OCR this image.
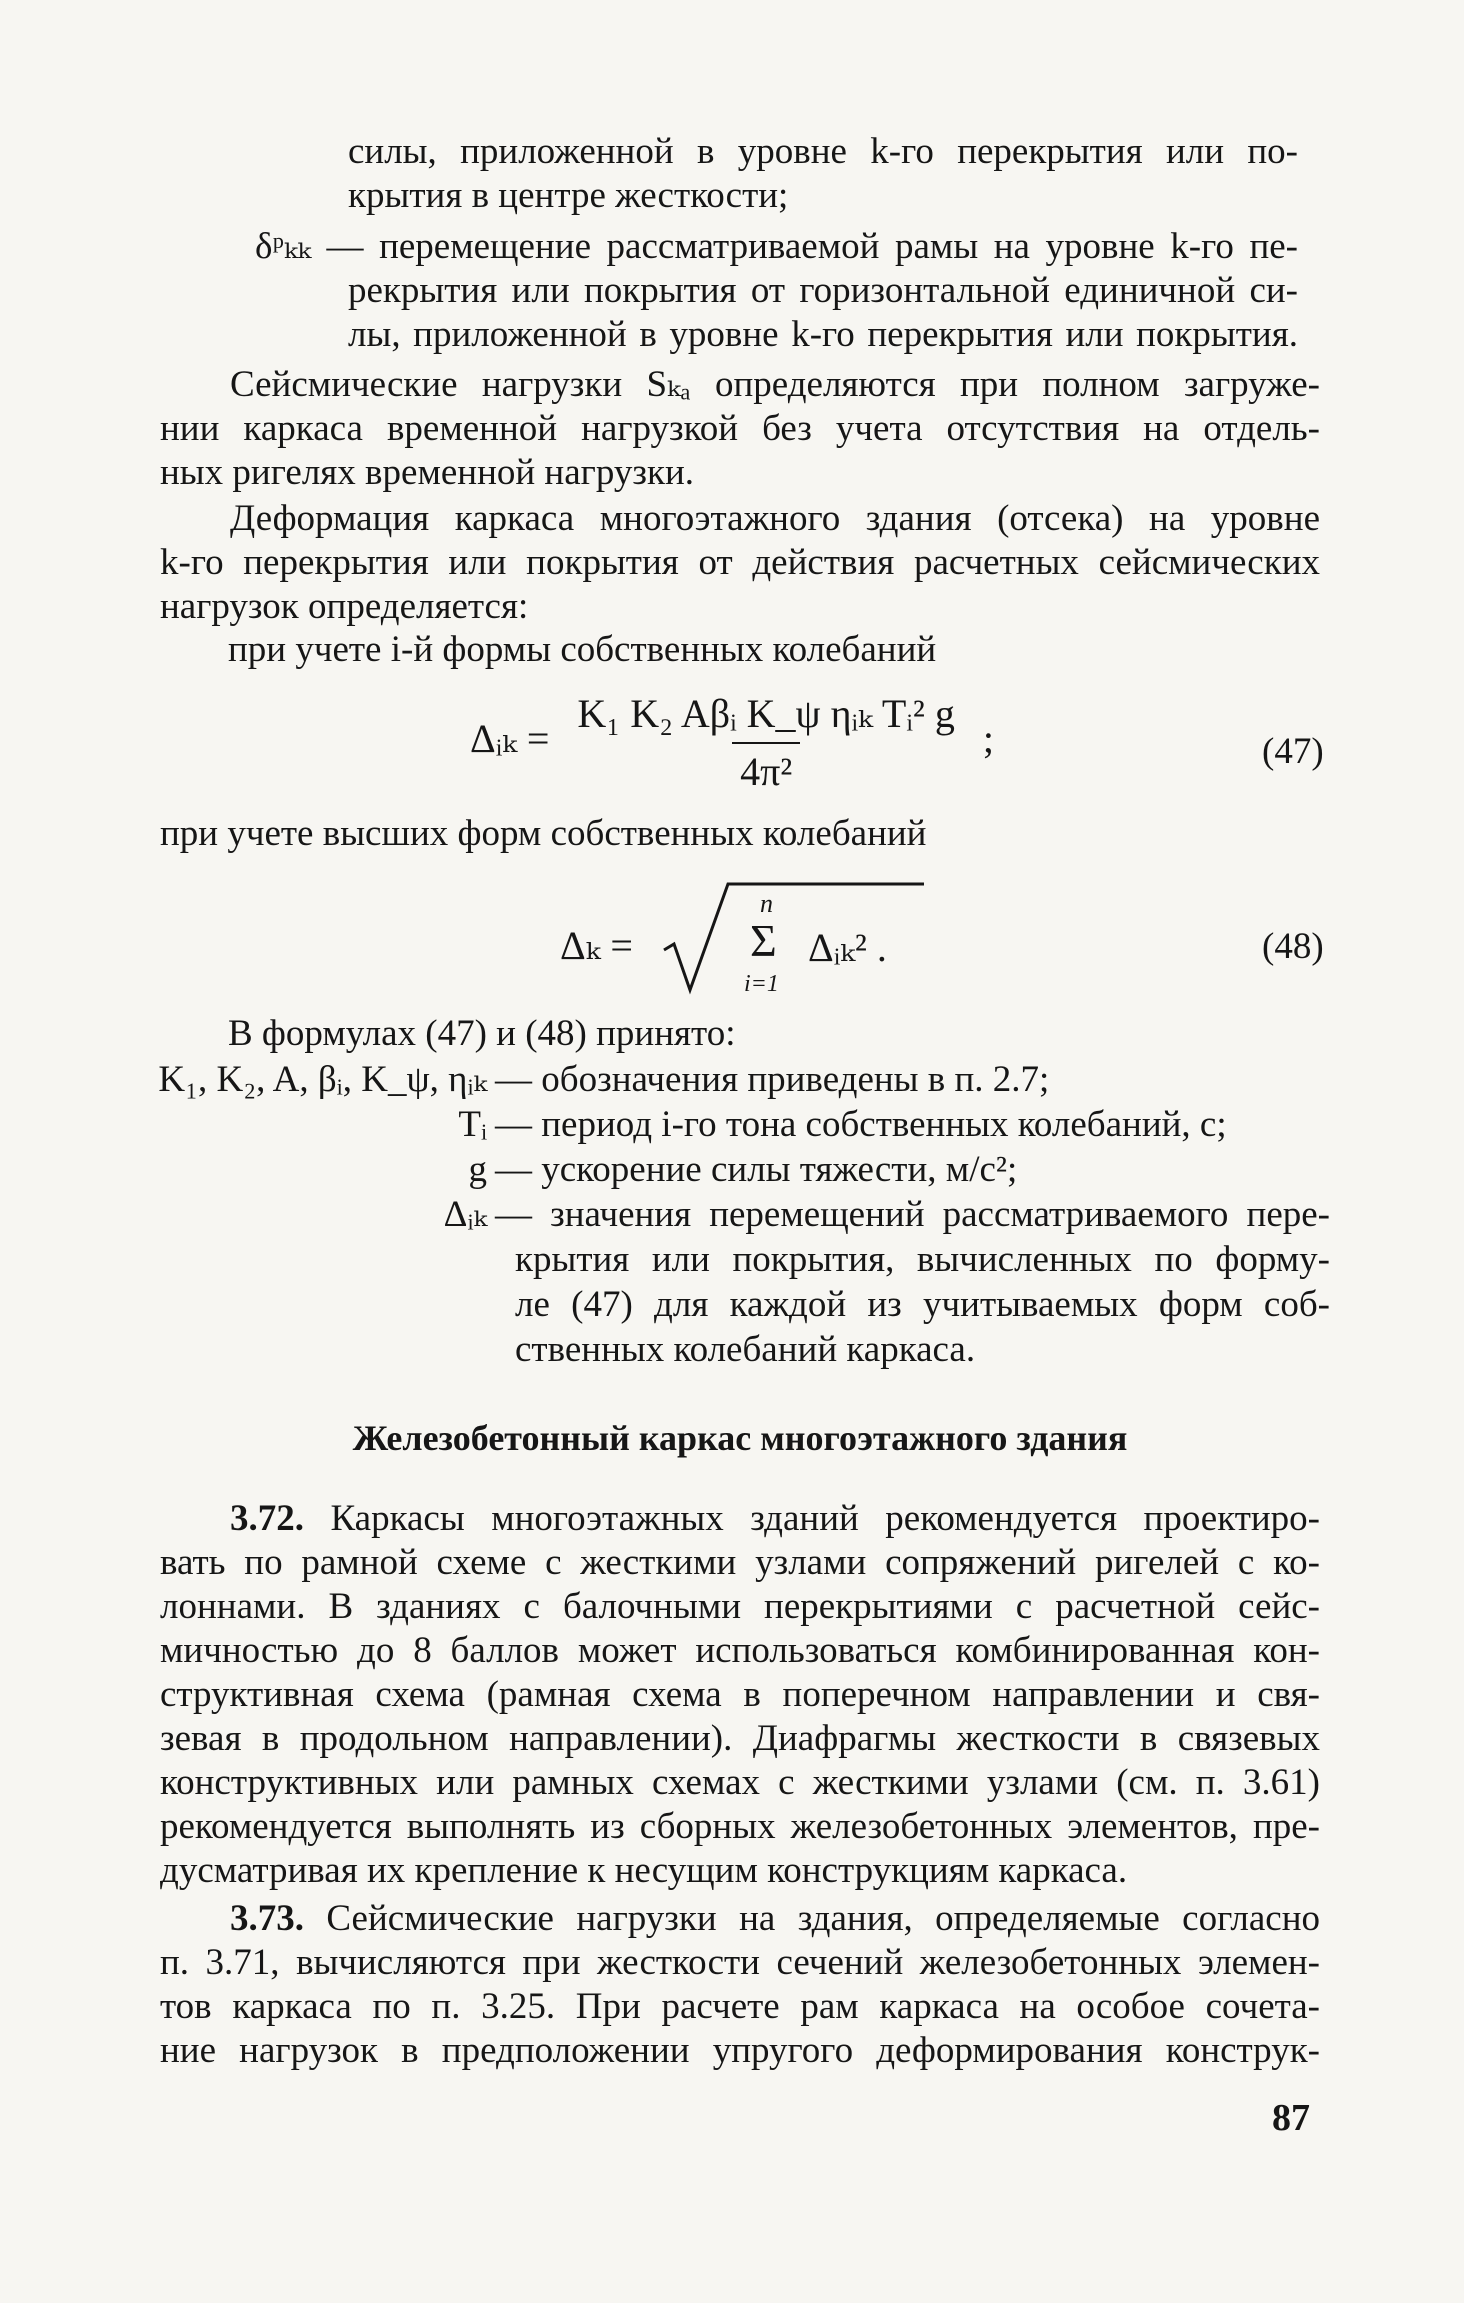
силы, приложенной в уровне k-го перекрытия или по-

крытия в центре жесткости;

δᵖₖₖ — перемещение рассматриваемой рамы на уровне k-го пе-

рекрытия или покрытия от горизонтальной единичной си-

лы, приложенной в уровне k-го перекрытия или покрытия.

Сейсмические нагрузки Sₖₐ определяются при полном загруже-

нии каркаса временной нагрузкой без учета отсутствия на отдель-

ных ригелях временной нагрузки.

Деформация каркаса многоэтажного здания (отсека) на уровне

k-го перекрытия или покрытия от действия расчетных сейсмических

нагрузок определяется:

при учете i-й формы собственных колебаний

Δᵢₖ = $\frac{\text{K₁ K₂ Aβᵢ K\_ψ ηᵢₖ Tᵢ² g}}{\text{4π²}}$ ;	(47)

при учете высших форм собственных колебаний

Δₖ =
n
Σ
i=1
Δᵢₖ² .	(48)

В формулах (47) и (48) принято:

K₁, K₂, A, βᵢ, K_ψ, ηᵢₖ — обозначения приведены в п. 2.7;
Tᵢ — период i-го тона собственных колебаний, с;
g — ускорение силы тяжести, м/с²;
Δᵢₖ — значения перемещений рассматриваемого пере-
крытия или покрытия, вычисленных по форму-
ле (47) для каждой из учитываемых форм соб-
ственных колебаний каркаса.
Железобетонный каркас многоэтажного здания

3.72. Каркасы многоэтажных зданий рекомендуется проектиро-

вать по рамной схеме с жесткими узлами сопряжений ригелей с ко-

лоннами. В зданиях с балочными перекрытиями с расчетной сейс-

мичностью до 8 баллов может использоваться комбинированная кон-

структивная схема (рамная схема в поперечном направлении и свя-

зевая в продольном направлении). Диафрагмы жесткости в связевых

конструктивных или рамных схемах с жесткими узлами (см. п. 3.61)

рекомендуется выполнять из сборных железобетонных элементов, пре-

дусматривая их крепление к несущим конструкциям каркаса.

3.73. Сейсмические нагрузки на здания, определяемые согласно

п. 3.71, вычисляются при жесткости сечений железобетонных элемен-

тов каркаса по п. 3.25. При расчете рам каркаса на особое сочета-

ние нагрузок в предположении упругого деформирования конструк-

87
